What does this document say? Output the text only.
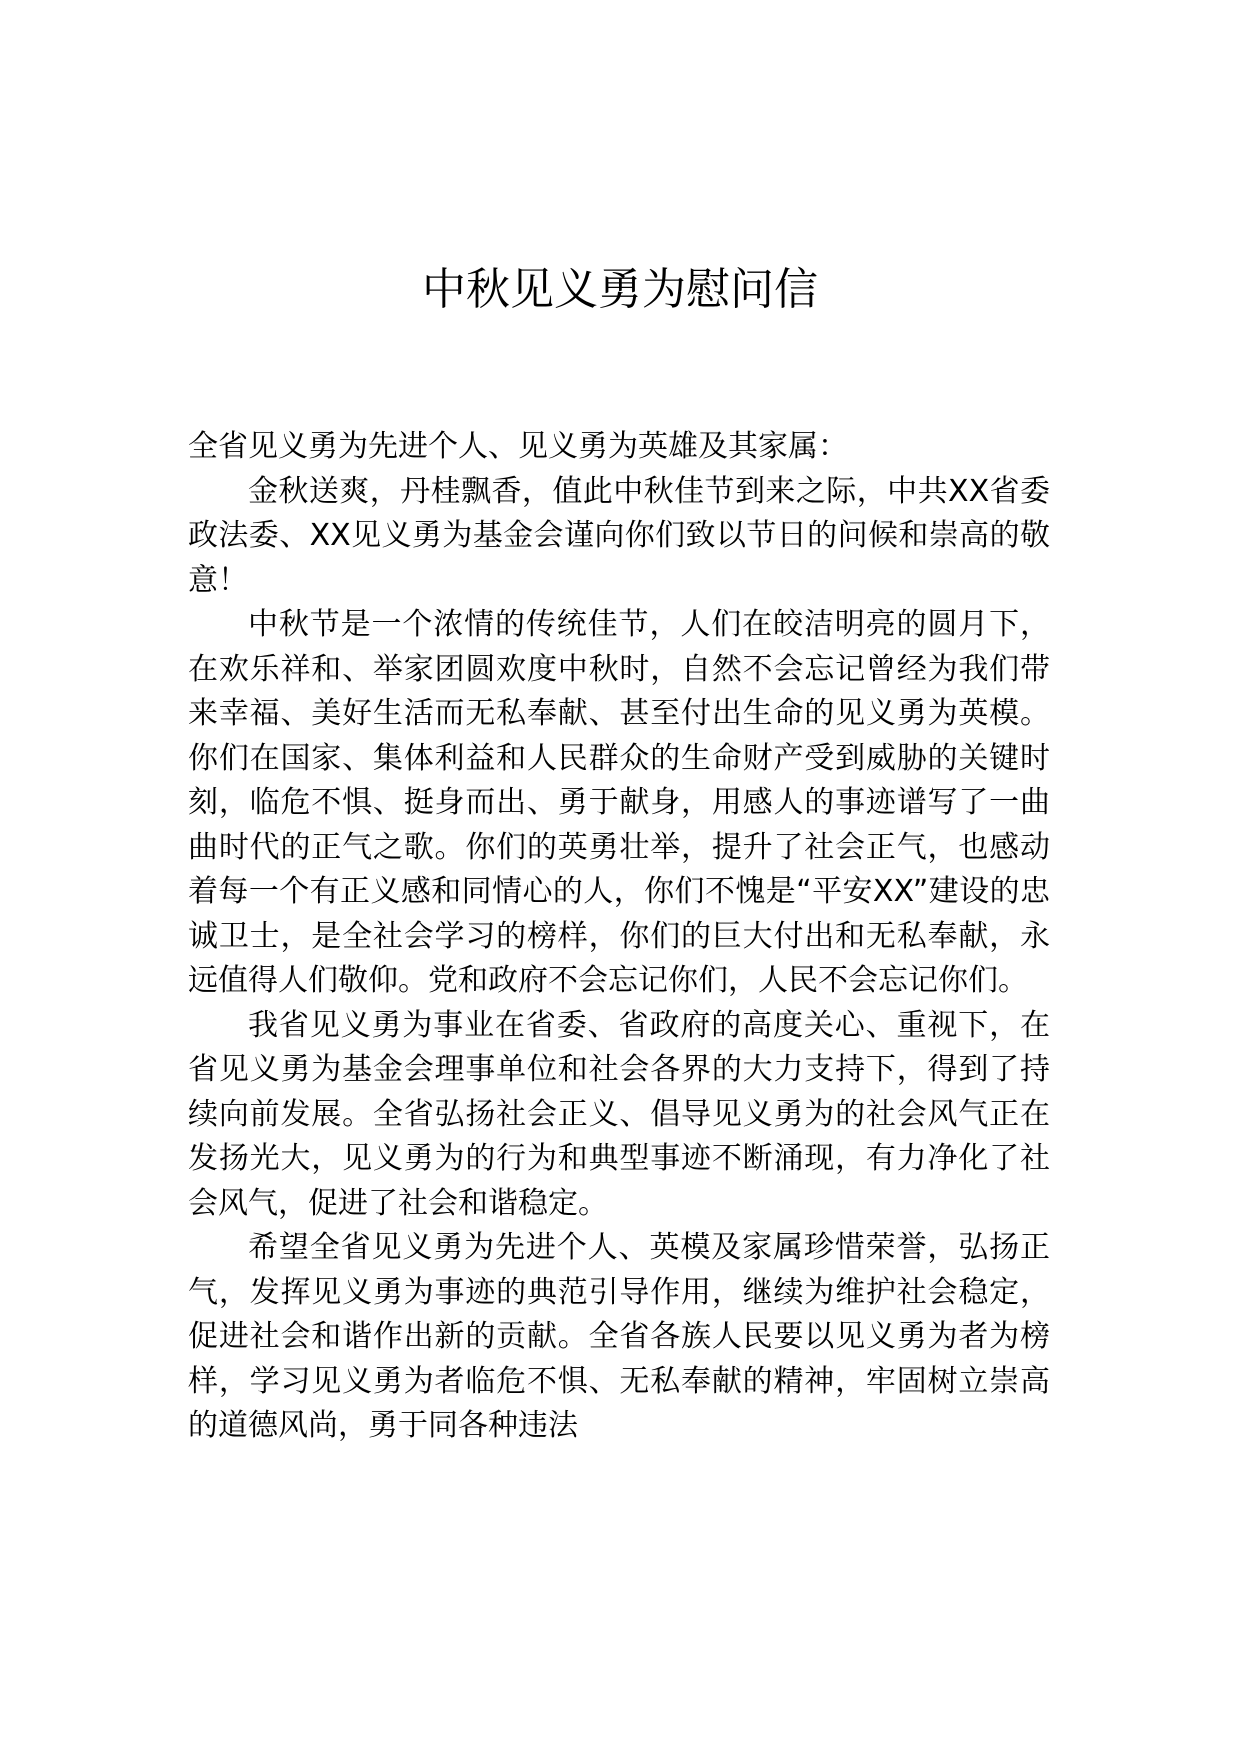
中秋见义勇为慰问信

全省见义勇为先进个人、见义勇为英雄及其家属：

金秋送爽，丹桂飘香，值此中秋佳节到来之际，中共XX省委政法委、XX见义勇为基金会谨向你们致以节日的问候和崇高的敬意！

中秋节是一个浓情的传统佳节，人们在皎洁明亮的圆月下，在欢乐祥和、举家团圆欢度中秋时，自然不会忘记曾经为我们带来幸福、美好生活而无私奉献、甚至付出生命的见义勇为英模。你们在国家、集体利益和人民群众的生命财产受到威胁的关键时刻，临危不惧、挺身而出、勇于献身，用感人的事迹谱写了一曲曲时代的正气之歌。你们的英勇壮举，提升了社会正气，也感动着每一个有正义感和同情心的人，你们不愧是“平安XX”建设的忠诚卫士，是全社会学习的榜样，你们的巨大付出和无私奉献，永远值得人们敬仰。党和政府不会忘记你们，人民不会忘记你们。

我省见义勇为事业在省委、省政府的高度关心、重视下，在省见义勇为基金会理事单位和社会各界的大力支持下，得到了持续向前发展。全省弘扬社会正义、倡导见义勇为的社会风气正在发扬光大，见义勇为的行为和典型事迹不断涌现，有力净化了社会风气，促进了社会和谐稳定。

希望全省见义勇为先进个人、英模及家属珍惜荣誉，弘扬正气，发挥见义勇为事迹的典范引导作用，继续为维护社会稳定，促进社会和谐作出新的贡献。全省各族人民要以见义勇为者为榜样，学习见义勇为者临危不惧、无私奉献的精神，牢固树立崇高的道德风尚，勇于同各种违法
